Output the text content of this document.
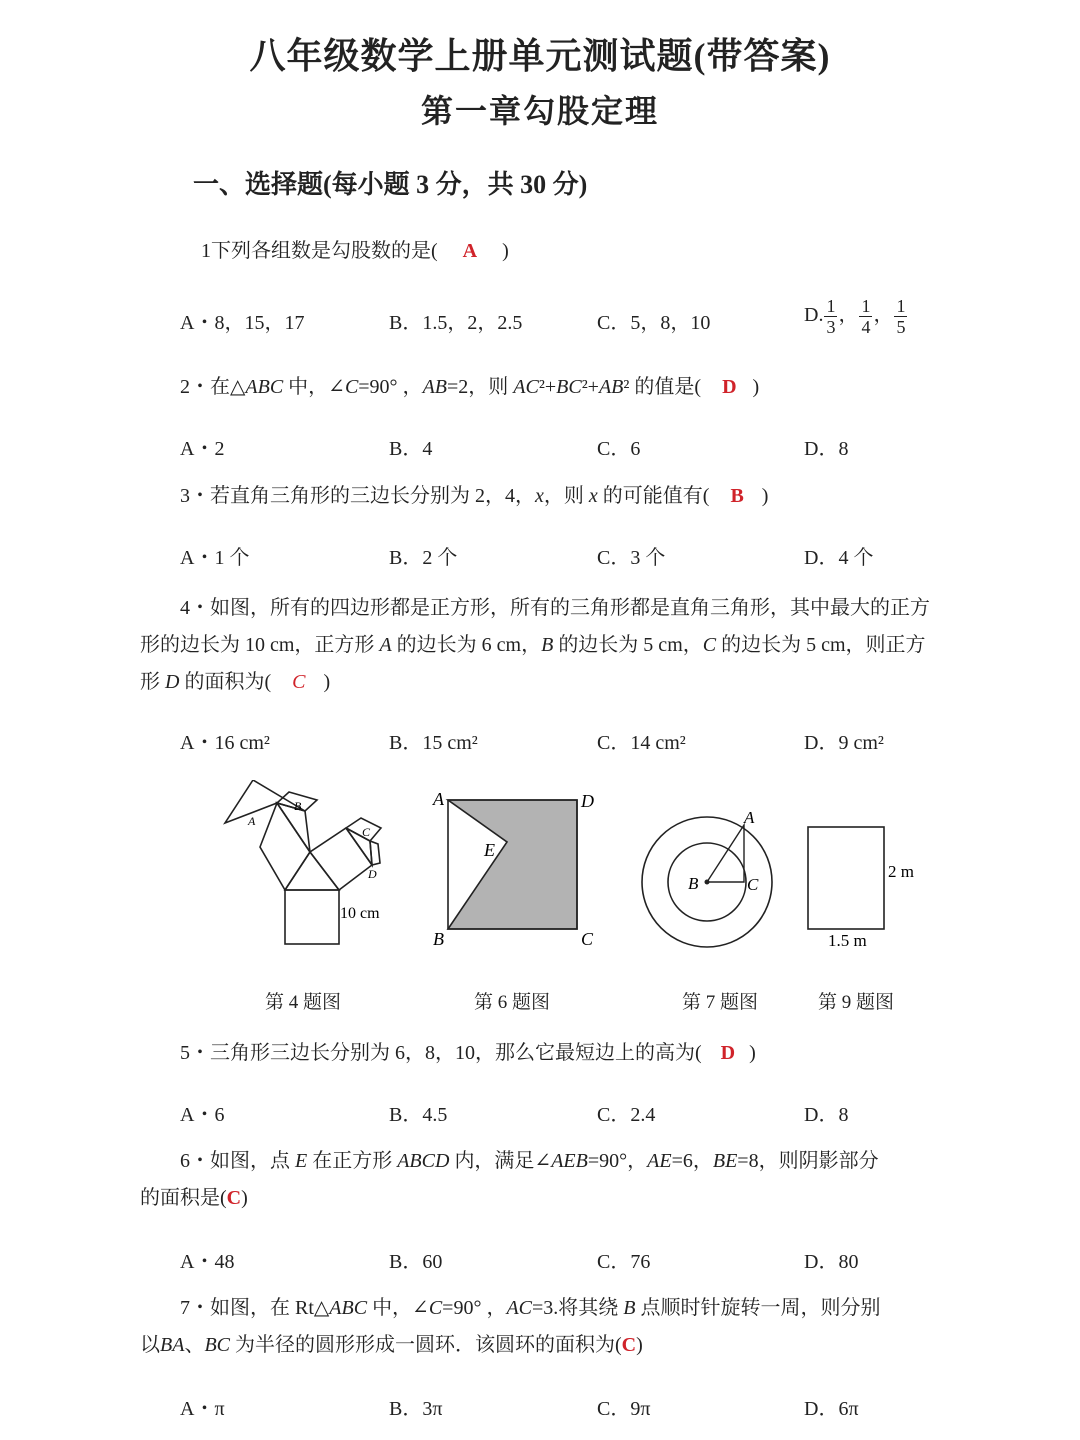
八年级数学上册单元测试题(带答案)
第一章勾股定理
一、选择题(每小题 3 分，共 30 分)
1下列各组数是勾股数的是( A )
A・8，15，17	B．1.5，2，2.5	C．5，8，10	D. $\frac{1}{3}$ ， $\frac{1}{4}$ ， $\frac{1}{5}$
2・在△ABC 中，∠C=90° ，AB=2，则 AC²+BC²+AB² 的值是( D )
A・2	B．4	C．6	D．8
3・若直角三角形的三边长分别为 2，4，x，则 x 的可能值有( B )
A・1 个	B．2 个	C．3 个	D．4 个
4・如图，所有的四边形都是正方形，所有的三角形都是直角三角形，其中最大的正方
形的边长为 10 cm，正方形 A 的边长为 6 cm，B 的边长为 5 cm，C 的边长为 5 cm，则正方
形 D 的面积为( C )
A・16 cm²	B．15 cm²	C．14 cm²	D．9 cm²
A
B
C
D
10 cm
第 4 题图
A	D
E
B	C
第 6 题图
A
B	C
第 7 题图
2 m
1.5 m
第 9 题图
5・三角形三边长分别为 6，8，10，那么它最短边上的高为( D )
A・6	B．4.5	C．2.4	D．8
6・如图，点 E 在正方形 ABCD 内，满足∠AEB=90°，AE=6，BE=8，则阴影部分
的面积是(C)
A・48	B．60	C．76	D．80
7・如图，在 Rt△ABC 中，∠C=90° ，AC=3.将其绕 B 点顺时针旋转一周，则分别
以BA、BC 为半径的圆形形成一圆环．该圆环的面积为(C)
A・π	B．3π	C．9π	D．6π
